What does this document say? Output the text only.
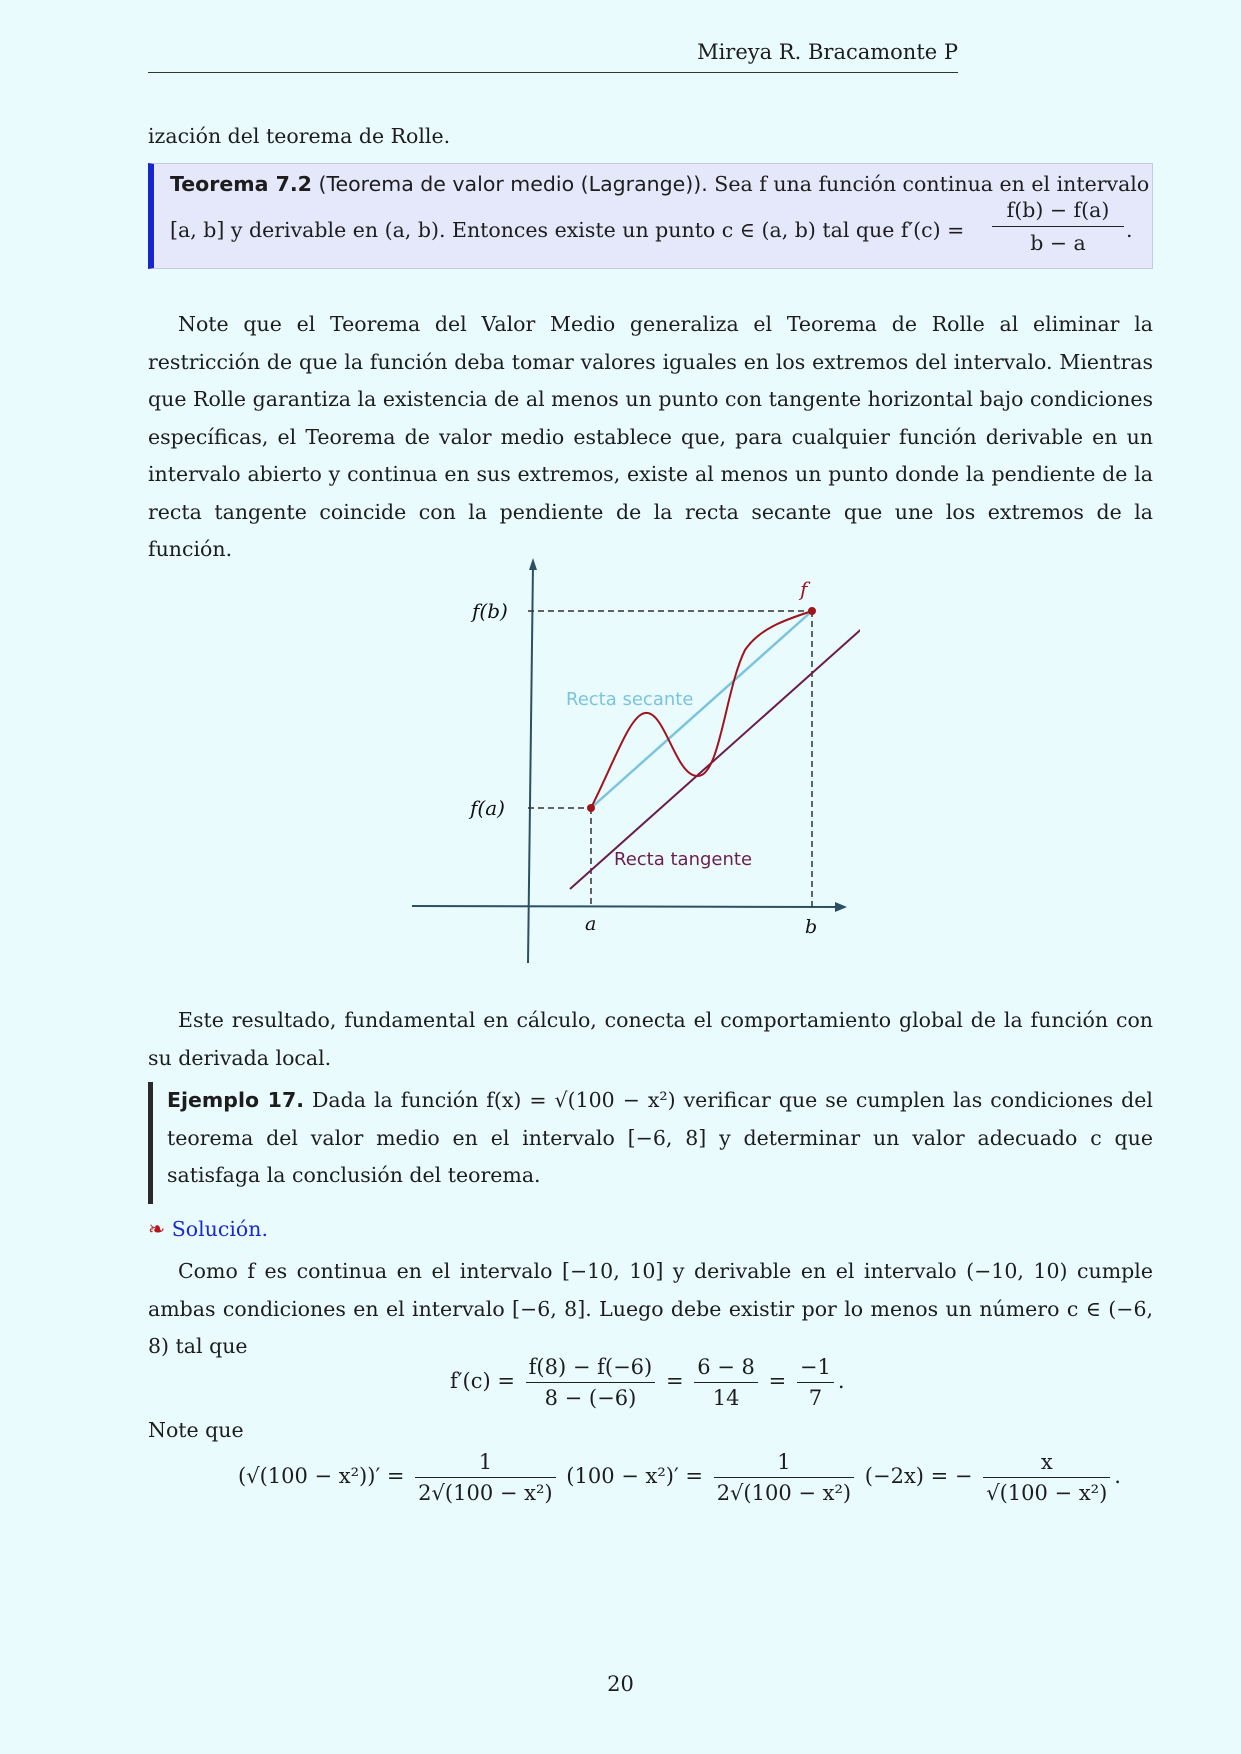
Mireya R. Bracamonte P
ización del teorema de Rolle.
Teorema 7.2 (Teorema de valor medio (Lagrange)). Sea f una función continua en el intervalo
[a, b] y derivable en (a, b). Entonces existe un punto c ∈ (a, b) tal que $f'(c) = \frac{f(b) - f(a)}{b - a}$ .
Note que el Teorema del Valor Medio generaliza el Teorema de Rolle al eliminar la restricción de que la función deba tomar valores iguales en los extremos del intervalo. Mientras que Rolle garantiza la existencia de al menos un punto con tangente horizontal bajo condiciones específicas, el Teorema de valor medio establece que, para cualquier función derivable en un intervalo abierto y continua en sus extremos, existe al menos un punto donde la pendiente de la recta tangente coincide con la pendiente de la recta secante que une los extremos de la función.
f(b)
f(a)
f
a	b
Recta secante
Recta tangente
Este resultado, fundamental en cálculo, conecta el comportamiento global de la función con su derivada local.
Ejemplo 17. Dada la función f(x) = √(100 − x²) verificar que se cumplen las condiciones del teorema del valor medio en el intervalo [−6, 8] y determinar un valor adecuado c que satisfaga la conclusión del teorema.
❧ Solución.
Como f es continua en el intervalo [−10, 10] y derivable en el intervalo (−10, 10) cumple ambas condiciones en el intervalo [−6, 8]. Luego debe existir por lo menos un número c ∈ (−6, 8) tal que
$f'(c) = \frac{f(8) - f(-6)}{8 - (-6)} = \frac{6 - 8}{14} = \frac{-1}{7}$ .
Note que
$(√(100 - x^2))' = \frac{1}{\text{2√(100 − x²)}} (100 - x^2)' = \frac{1}{\text{2√(100 − x²)}} (-2x)$ = − $\frac{x}{\text{√(100 − x²)}}$ .
20
